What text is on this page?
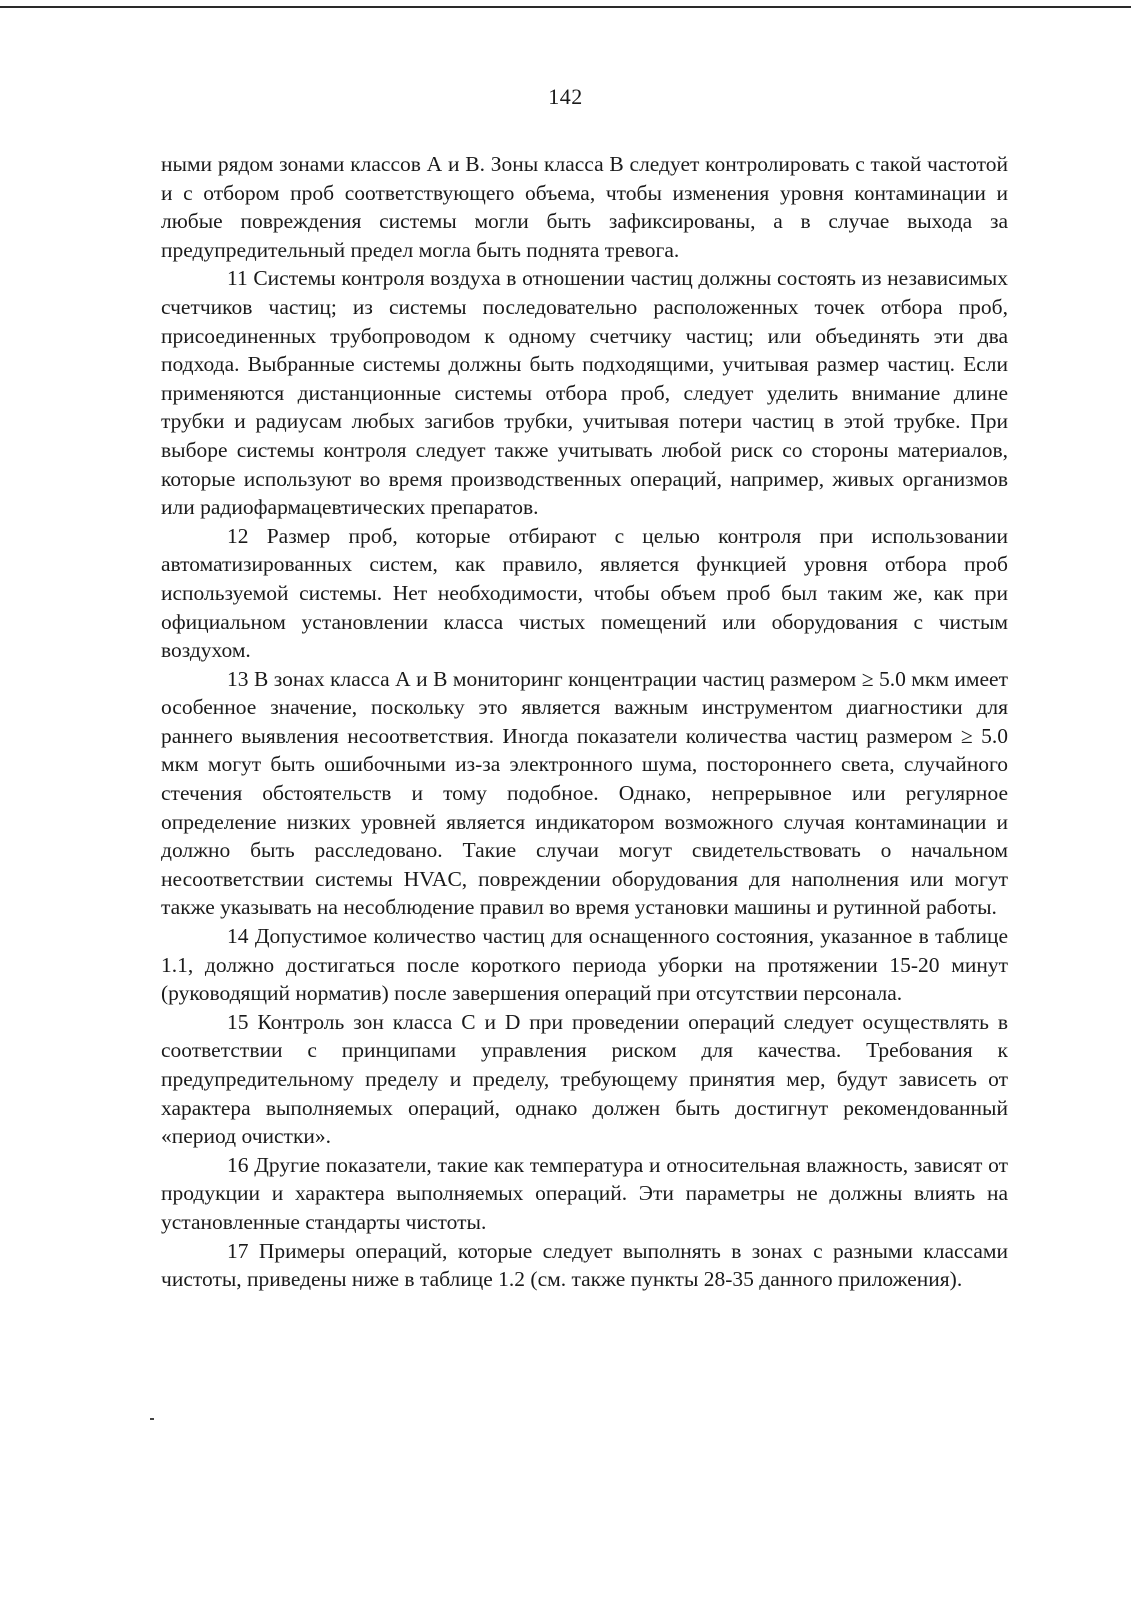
142

ными рядом зонами классов А и В. Зоны класса В следует контролировать с такой частотой и с отбором проб соответствующего объема, чтобы изменения уровня контаминации и любые повреждения системы могли быть зафиксированы, а в случае выхода за предупредительный предел могла быть поднята тревога.

11 Системы контроля воздуха в отношении частиц должны состоять из независимых счетчиков частиц; из системы последовательно расположенных точек отбора проб, присоединенных трубопроводом к одному счетчику частиц; или объединять эти два подхода. Выбранные системы должны быть подходящими, учитывая размер частиц. Если применяются дистанционные системы отбора проб, следует уделить внимание длине трубки и радиусам любых загибов трубки, учитывая потери частиц в этой трубке. При выборе системы контроля следует также учитывать любой риск со стороны материалов, которые используют во время производственных операций, например, живых организмов или радиофармацевтических препаратов.

12 Размер проб, которые отбирают с целью контроля при использовании автоматизированных систем, как правило, является функцией уровня отбора проб используемой системы. Нет необходимости, чтобы объем проб был таким же, как при официальном установлении класса чистых помещений или оборудования с чистым воздухом.

13 В зонах класса А и В мониторинг концентрации частиц размером ≥ 5.0 мкм имеет особенное значение, поскольку это является важным инструментом диагностики для раннего выявления несоответствия. Иногда показатели количества частиц размером ≥ 5.0 мкм могут быть ошибочными из-за электронного шума, постороннего света, случайного стечения обстоятельств и тому подобное. Однако, непрерывное или регулярное определение низких уровней является индикатором возможного случая контаминации и должно быть расследовано. Такие случаи могут свидетельствовать о начальном несоответствии системы HVAC, повреждении оборудования для наполнения или могут также указывать на несоблюдение правил во время установки машины и рутинной работы.

14 Допустимое количество частиц для оснащенного состояния, указанное в таблице 1.1, должно достигаться после короткого периода уборки на протяжении 15-20 минут (руководящий норматив) после завершения операций при отсутствии персонала.

15 Контроль зон класса С и D при проведении операций следует осуществлять в соответствии с принципами управления риском для качества. Требования к предупредительному пределу и пределу, требующему принятия мер, будут зависеть от характера выполняемых операций, однако должен быть достигнут рекомендованный «период очистки».

16 Другие показатели, такие как температура и относительная влажность, зависят от продукции и характера выполняемых операций. Эти параметры не должны влиять на установленные стандарты чистоты.

17 Примеры операций, которые следует выполнять в зонах с разными классами чистоты, приведены ниже в таблице 1.2 (см. также пункты 28-35 данного приложения).
